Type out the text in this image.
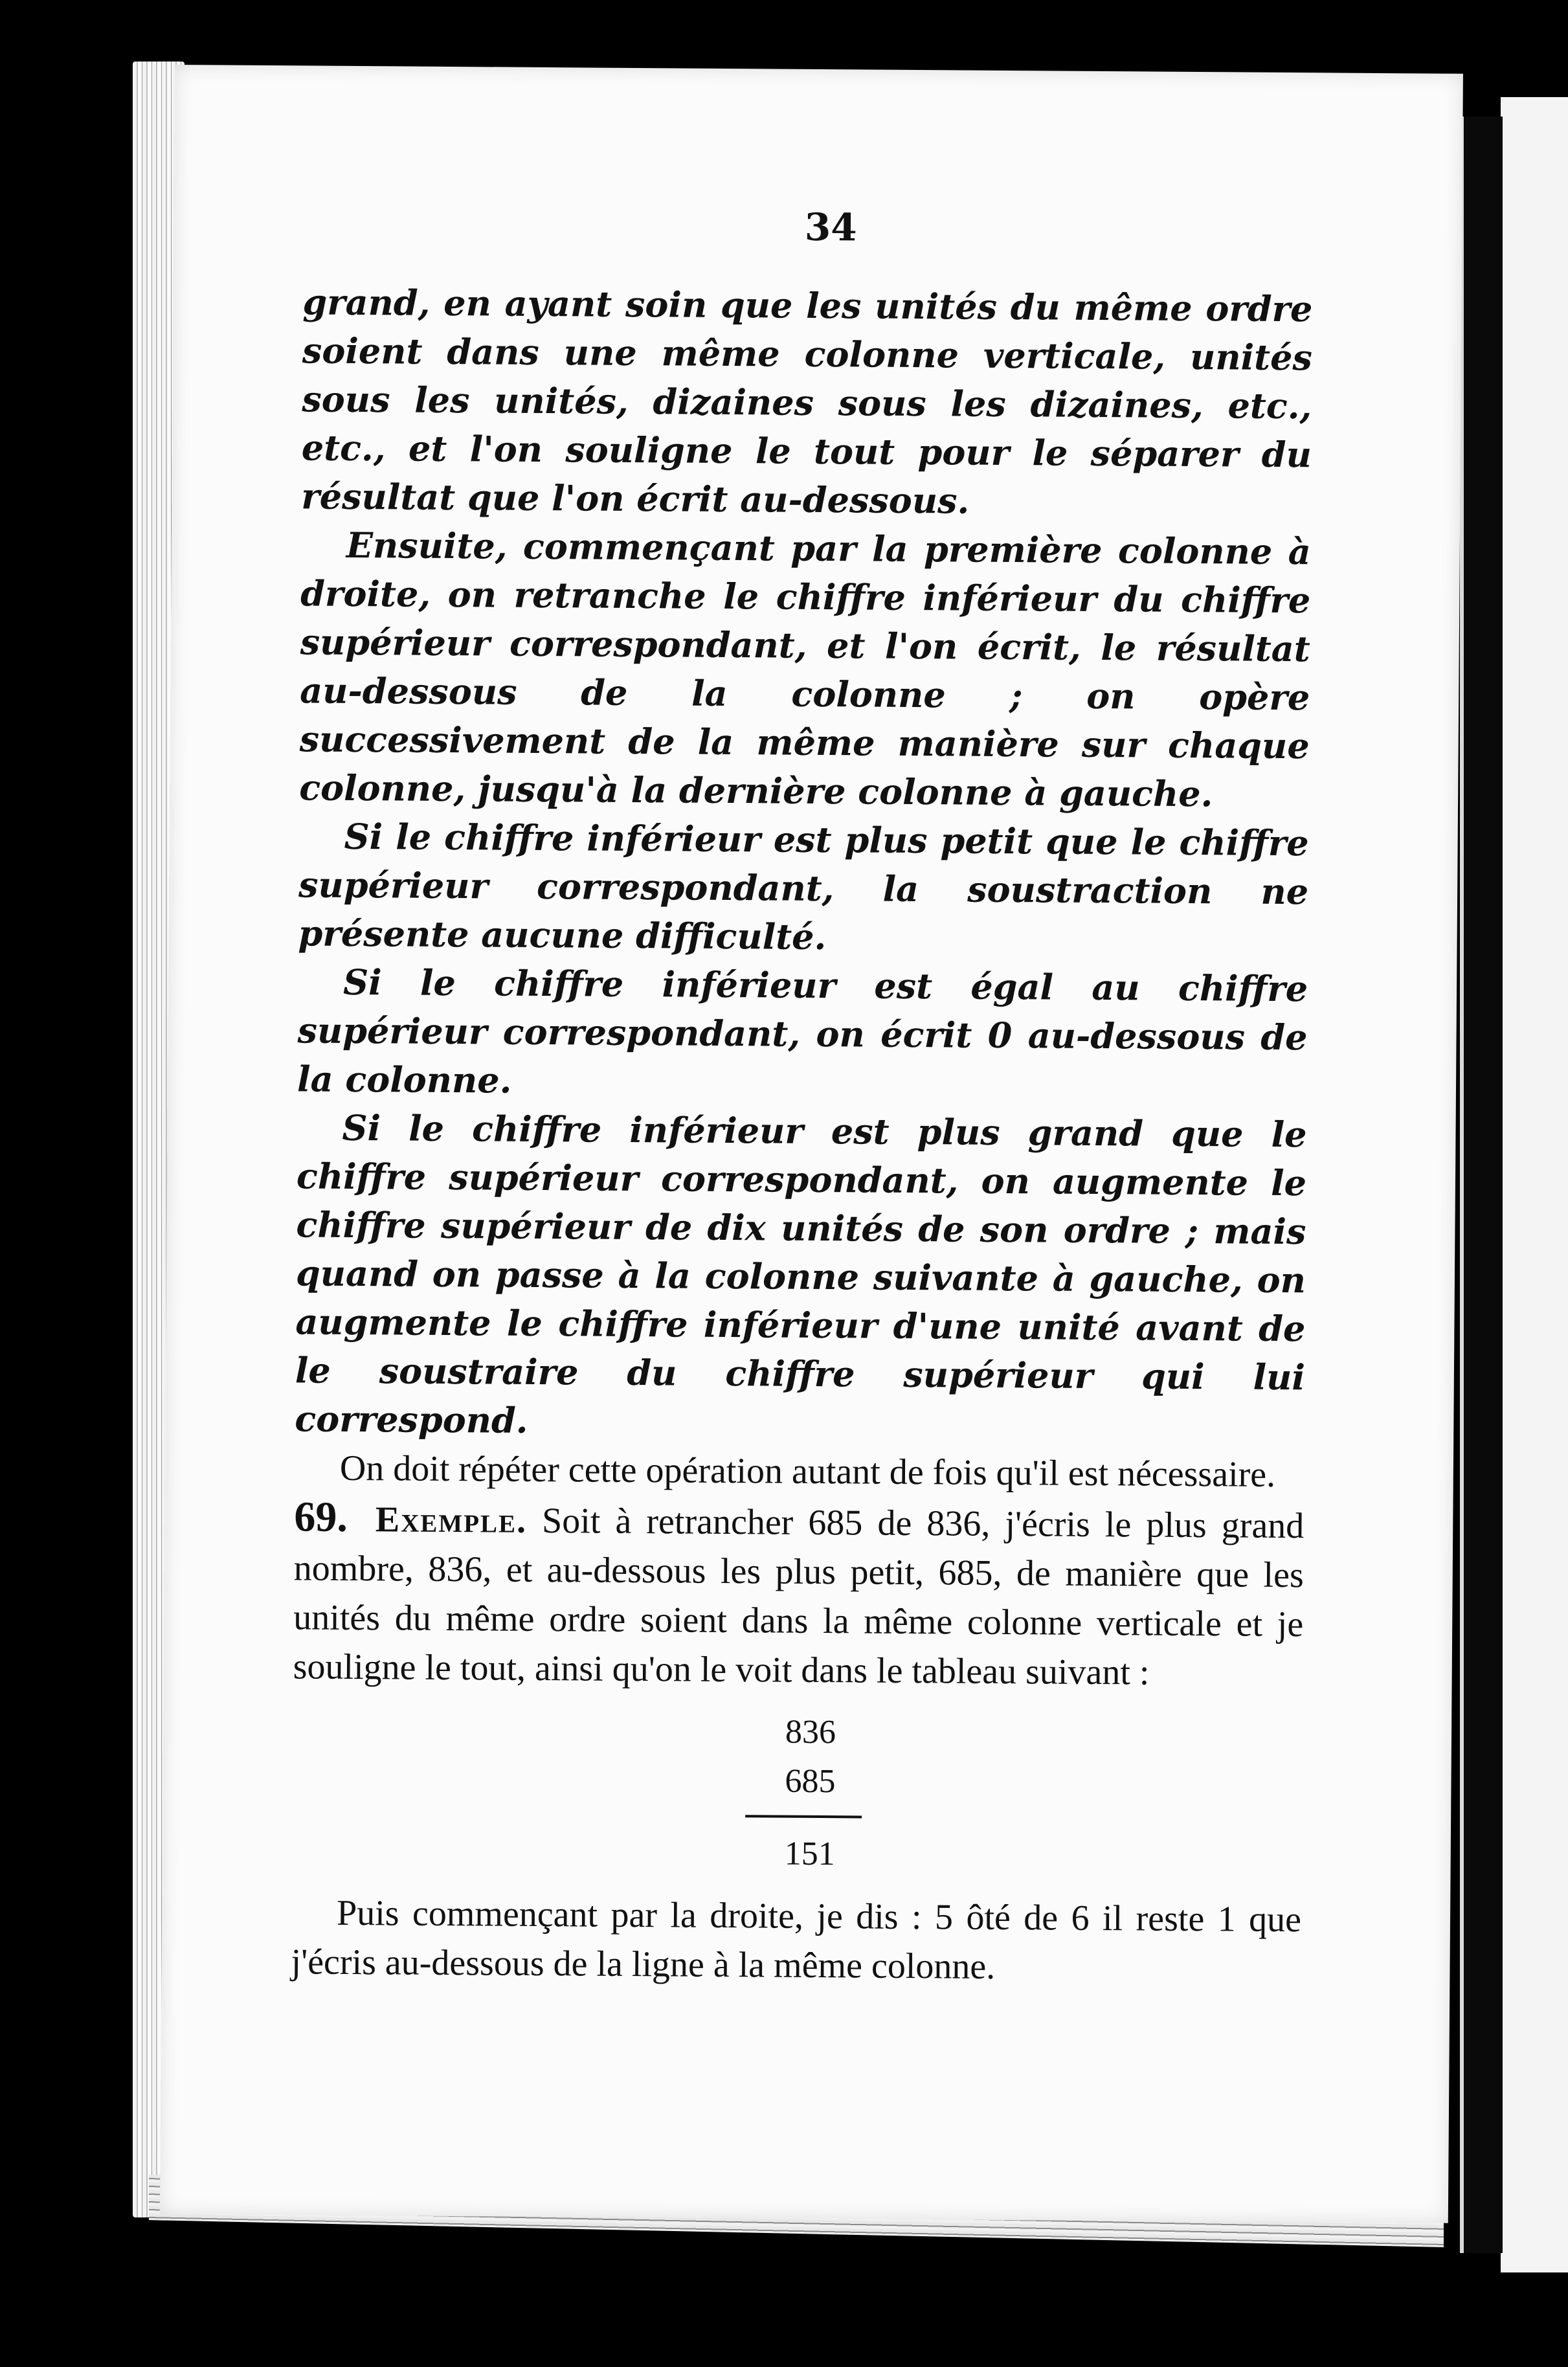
34

grand, en ayant soin que les unités du même ordre soient dans une même colonne verticale, unités sous les unités, dizaines sous les dizaines, etc., etc., et l'on souligne le tout pour le séparer du résultat que l'on écrit au-dessous.

Ensuite, commençant par la première colonne à droite, on retranche le chiffre inférieur du chiffre supérieur correspondant, et l'on écrit, le résultat au-dessous de la colonne ; on opère successivement de la même manière sur chaque colonne, jusqu'à la dernière colonne à gauche.

Si le chiffre inférieur est plus petit que le chiffre supérieur correspondant, la soustraction ne présente aucune difficulté.

Si le chiffre inférieur est égal au chiffre supérieur correspondant, on écrit 0 au-dessous de la colonne.

Si le chiffre inférieur est plus grand que le chiffre supérieur correspondant, on augmente le chiffre supérieur de dix unités de son ordre ; mais quand on passe à la colonne suivante à gauche, on augmente le chiffre inférieur d'une unité avant de le soustraire du chiffre supérieur qui lui correspond.

On doit répéter cette opération autant de fois qu'il est nécessaire.

69. Exemple. Soit à retrancher 685 de 836, j'écris le plus grand nombre, 836, et au-dessous les plus petit, 685, de manière que les unités du même ordre soient dans la même colonne verticale et je souligne le tout, ainsi qu'on le voit dans le tableau suivant :

836
685
151

Puis commençant par la droite, je dis : 5 ôté de 6 il reste 1 que j'écris au-dessous de la ligne à la même colonne.
